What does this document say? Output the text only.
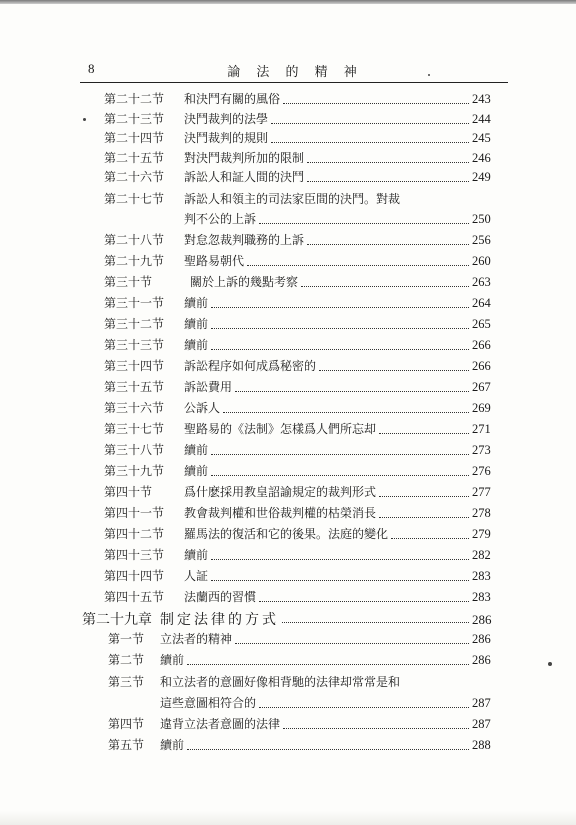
8	論 法 的 精 神
第二十二节	和決鬥有關的風俗	243
第二十三节	決鬥裁判的法學	244
第二十四节	決鬥裁判的規則	245
第二十五节	對決鬥裁判所加的限制	246
第二十六节	訴訟人和証人間的決鬥	249
第二十七节	訴訟人和領主的司法家臣間的決鬥。對裁
判不公的上訴	250
第二十八节	對怠忽裁判職務的上訴	256
第二十九节	聖路易朝代	260
第三十节	關於上訴的幾點考察	263
第三十一节	續前	264
第三十二节	續前	265
第三十三节	續前	266
第三十四节	訴訟程序如何成爲秘密的	266
第三十五节	訴訟費用	267
第三十六节	公訴人	269
第三十七节	聖路易的《法制》怎樣爲人們所忘却	271
第三十八节	續前	273
第三十九节	續前	276
第四十节	爲什麽採用教皇詔諭規定的裁判形式	277
第四十一节	教會裁判權和世俗裁判權的枯榮消長	278
第四十二节	羅馬法的復活和它的後果。法庭的變化	279
第四十三节	續前	282
第四十四节	人証	283
第四十五节	法蘭西的習慣	283
第二十九章 制定法律的方式	286
第一节	立法者的精神	286
第二节	續前	286
第三节	和立法者的意圖好像相背馳的法律却常常是和
這些意圖相符合的	287
第四节	違背立法者意圖的法律	287
第五节	續前	288
